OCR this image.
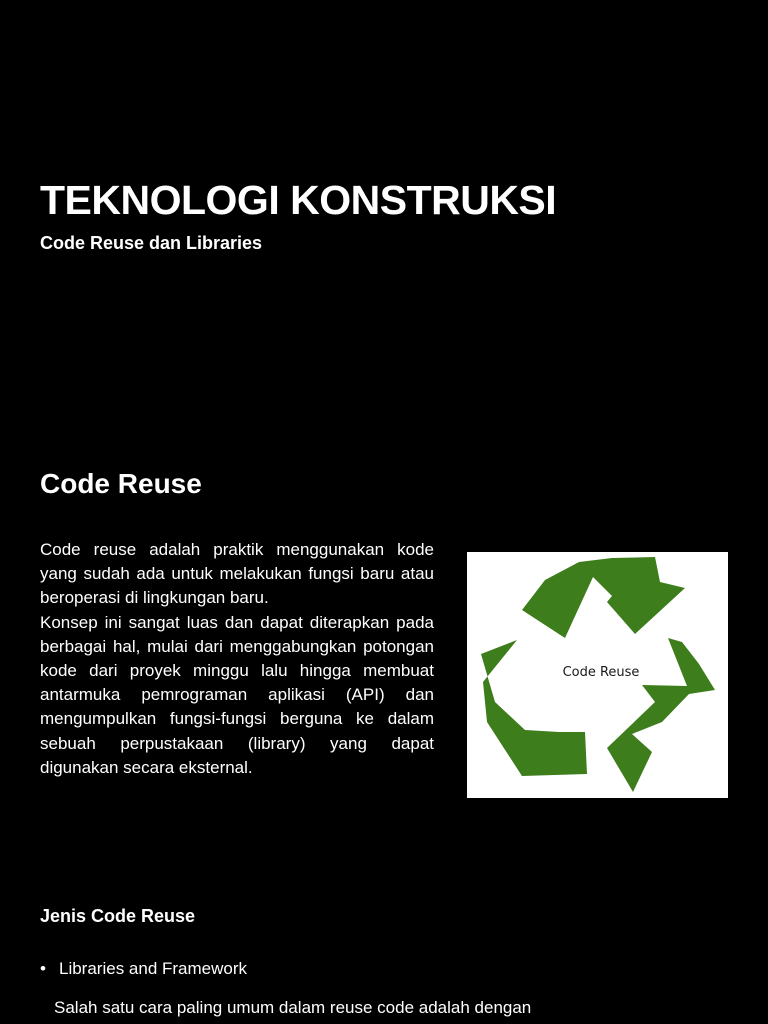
TEKNOLOGI KONSTRUKSI
Code Reuse dan Libraries
Code Reuse

Code reuse adalah praktik menggunakan kode yang sudah ada untuk melakukan fungsi baru atau beroperasi di lingkungan baru.

Konsep ini sangat luas dan dapat diterapkan pada berbagai hal, mulai dari menggabungkan potongan kode dari proyek minggu lalu hingga membuat antarmuka pemrograman aplikasi (API) dan mengumpulkan fungsi-fungsi berguna ke dalam sebuah perpustakaan (library) yang dapat digunakan secara eksternal.

Code Reuse
Jenis Code Reuse
• Libraries and Framework

Salah satu cara paling umum dalam reuse code adalah dengan
